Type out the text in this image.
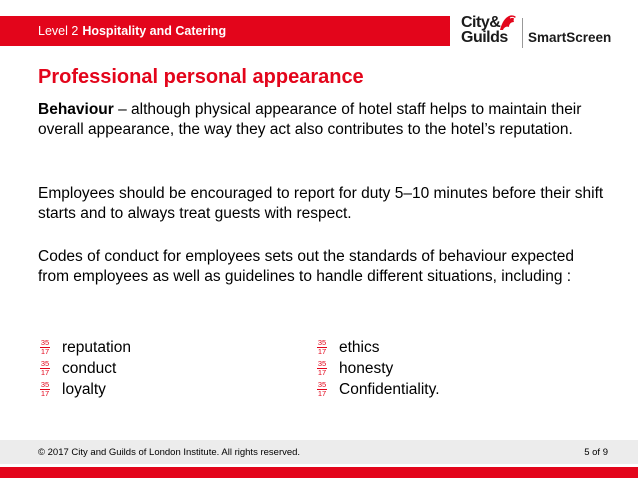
Level 2 Hospitality and Catering	City&
Guilds SmartScreen
Professional personal appearance
Behaviour – although physical appearance of hotel staff helps to maintain their overall appearance, the way they act also contributes to the hotel’s reputation.
Employees should be encouraged to report for duty 5–10 minutes before their shift starts and to always treat guests with respect.
Codes of conduct for employees sets out the standards of behaviour expected from employees as well as guidelines to handle different situations, including :
35
17 reputation
35
17 conduct
35
17 loyalty
35
17 ethics
35
17 honesty
35
17 Confidentiality.
© 2017 City and Guilds of London Institute. All rights reserved.	5 of 9
